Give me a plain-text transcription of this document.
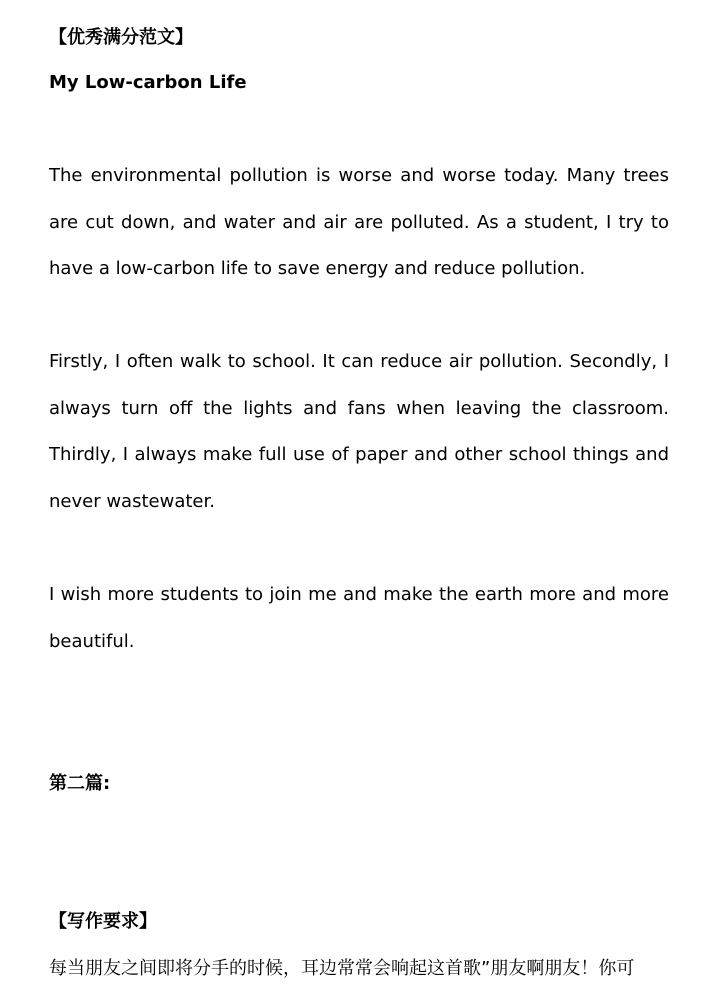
【优秀满分范文】
My Low-carbon Life

The environmental pollution is worse and worse today. Many trees are cut down, and water and air are polluted. As a student, I try to have a low-carbon life to save energy and reduce pollution.

Firstly, I often walk to school. It can reduce air pollution. Secondly, I always turn off the lights and fans when leaving the classroom. Thirdly, I always make full use of paper and other school things and never wastewater.

I wish more students to join me and make the earth more and more beautiful.

第二篇:
【写作要求】
每当朋友之间即将分手的时候，耳边常常会响起这首歌”朋友啊朋友！你可
